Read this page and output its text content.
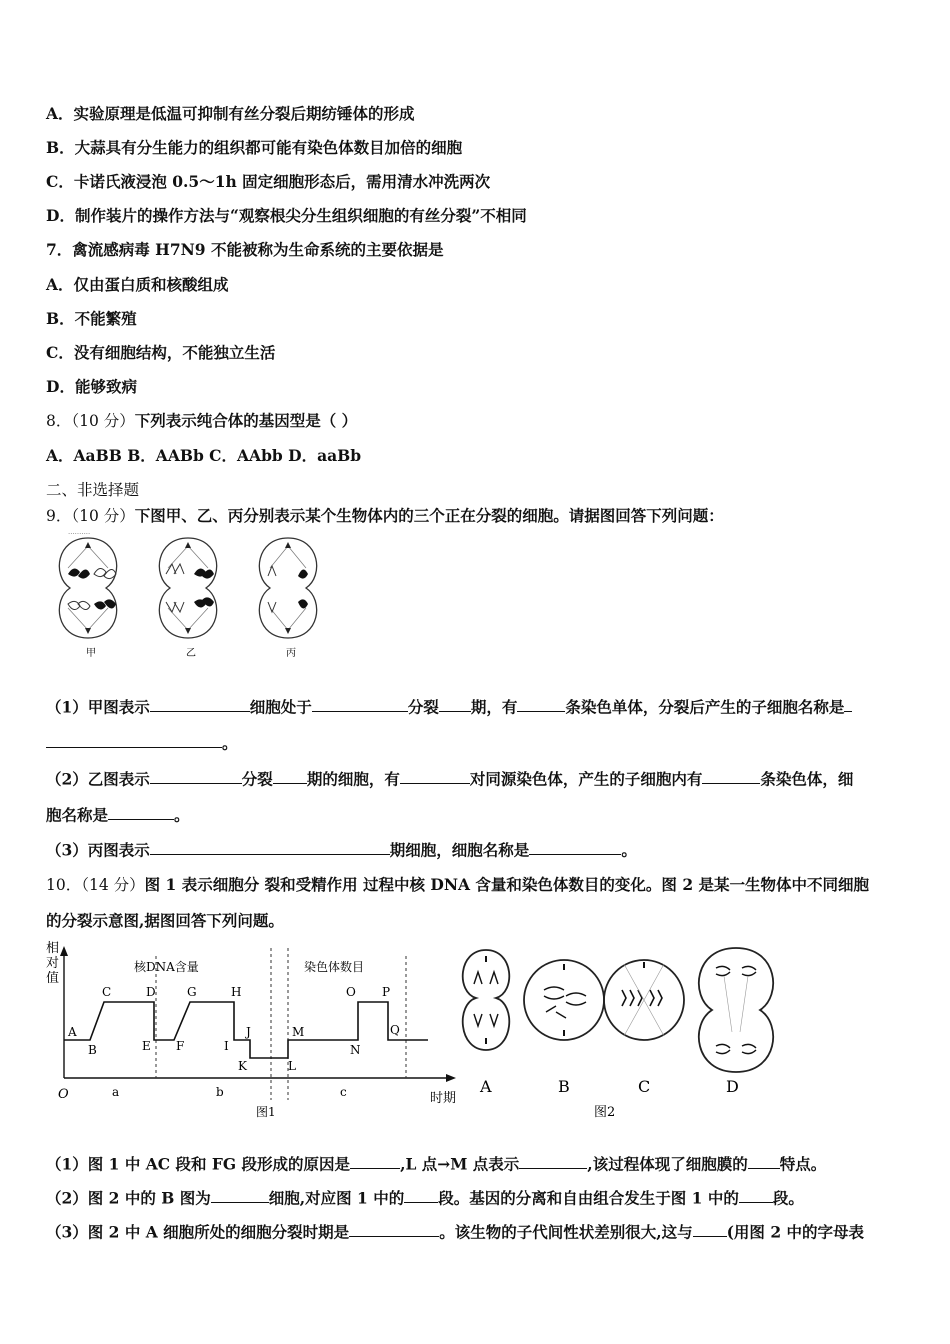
A．实验原理是低温可抑制有丝分裂后期纺锤体的形成
B．大蒜具有分生能力的组织都可能有染色体数目加倍的细胞
C．卡诺氏液浸泡 0.5～1h 固定细胞形态后，需用清水冲洗两次
D．制作装片的操作方法与“观察根尖分生组织细胞的有丝分裂”不相同
7．禽流感病毒 H7N9 不能被称为生命系统的主要依据是
A．仅由蛋白质和核酸组成
B．不能繁殖
C．没有细胞结构，不能独立生活
D．能够致病
8．（10 分）下列表示纯合体的基因型是（ ）
A．AaBB B．AABb C．AAbb D．aaBb
二、非选择题
9．（10 分）下图甲、乙、丙分别表示某个生物体内的三个正在分裂的细胞。请据图回答下列问题：
··········
甲	乙	丙
（1）甲图表示	细胞处于	分裂 期，有	条染色单体，分裂后产生的子细胞名称是
。
（2）乙图表示	分裂 期的细胞，有	对同源染色体，产生的子细胞内有	条染色体，细
胞名称是	。
（3）丙图表示	期细胞，细胞名称是	。
10．（14 分）图 1 表示细胞分 裂和受精作用 过程中核 DNA 含量和染色体数目的变化。图 2 是某一生物体中不同细胞
的分裂示意图,据图回答下列问题。
相
对
值
核DNA含量	染色体数目
A
B
C	D
E F
G	H
I
J
K	L
M
N
O P
Q
O	a	b	c	时期
图1
A	B	C	D
图2
（1）图 1 中 AC 段和 FG 段形成的原因是	,L 点→M 点表示	,该过程体现了细胞膜的 特点。
（2）图 2 中的 B 图为	细胞,对应图 1 中的 段。基因的分离和自由组合发生于图 1 中的 段。
（3）图 2 中 A 细胞所处的细胞分裂时期是	。该生物的子代间性状差别很大,这与 (用图 2 中的字母表
